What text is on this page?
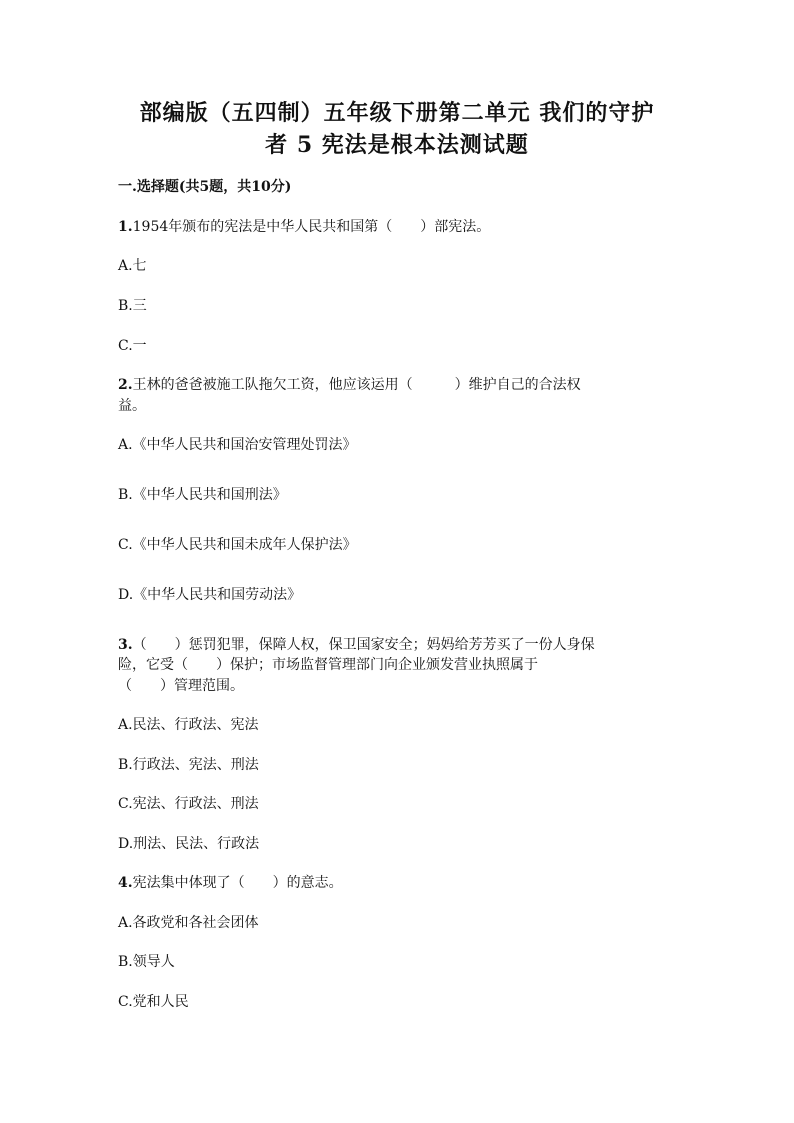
部编版（五四制）五年级下册第二单元 我们的守护
者 5 宪法是根本法测试题
一.选择题(共5题，共10分)
1.1954年颁布的宪法是中华人民共和国第（　　）部宪法。
A.七
B.三
C.一
2.王林的爸爸被施工队拖欠工资，他应该运用（　　　）维护自己的合法权
益。
A.《中华人民共和国治安管理处罚法》
B.《中华人民共和国刑法》
C.《中华人民共和国未成年人保护法》
D.《中华人民共和国劳动法》
3.（　　）惩罚犯罪，保障人权，保卫国家安全；妈妈给芳芳买了一份人身保
险，它受（　　）保护；市场监督管理部门向企业颁发营业执照属于
（　　）管理范围。
A.民法、行政法、宪法
B.行政法、宪法、刑法
C.宪法、行政法、刑法
D.刑法、民法、行政法
4.宪法集中体现了（　　）的意志。
A.各政党和各社会团体
B.领导人
C.党和人民
